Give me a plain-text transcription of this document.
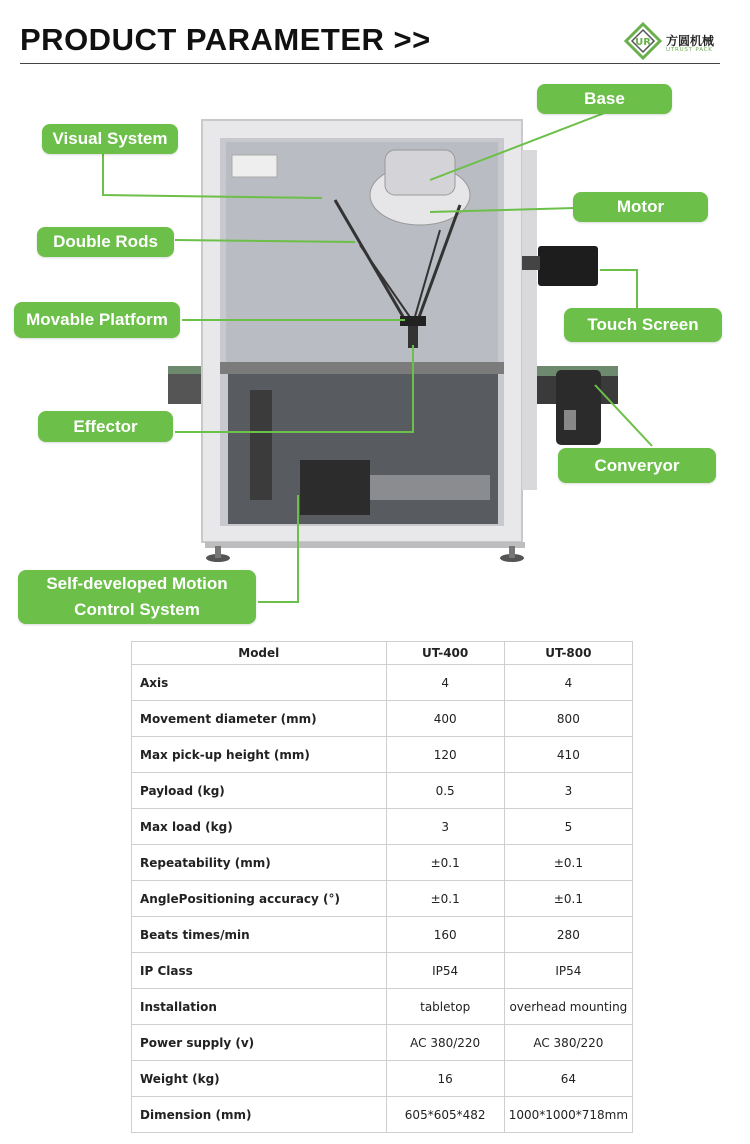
PRODUCT PARAMETER >>	UR 方圆机械
UTRUST PACK
Base
Visual System
Motor
Double Rods
Touch Screen
Movable Platform
Effector
Converyor
Self-developed Motion
Control System
Model	UT-400	UT-800
Axis	4	4
Movement diameter (mm)	400	800
Max pick-up height (mm)	120	410
Payload (kg)	0.5	3
Max load (kg)	3	5
Repeatability (mm)	±0.1	±0.1
AnglePositioning accuracy (°)	±0.1	±0.1
Beats times/min	160	280
IP Class	IP54	IP54
Installation	tabletop	overhead mounting
Power supply (v)	AC 380/220	AC 380/220
Weight (kg)	16	64
Dimension (mm)	605*605*482	1000*1000*718mm
